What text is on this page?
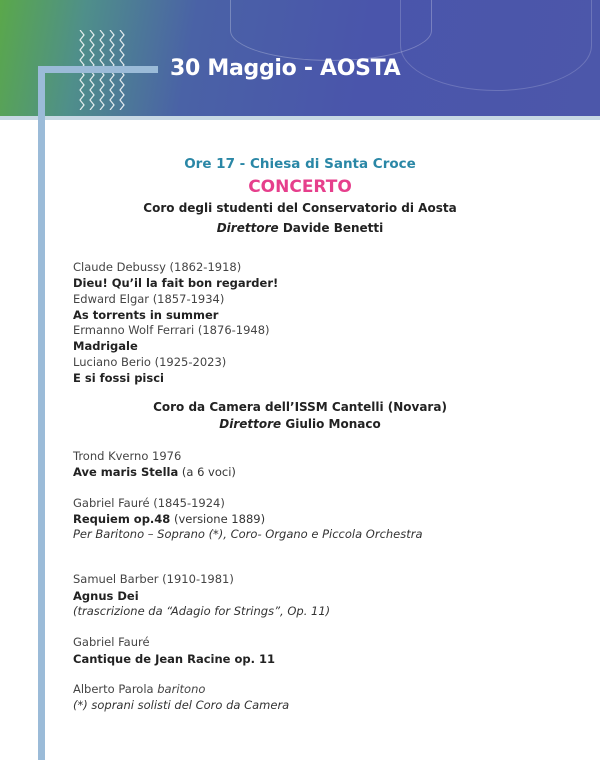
30 Maggio - AOSTA
Ore 17 - Chiesa di Santa Croce
CONCERTO
Coro degli studenti del Conservatorio di Aosta
Direttore Davide Benetti
Claude Debussy (1862-1918)
Dieu! Qu’il la fait bon regarder!
Edward Elgar (1857-1934)
As torrents in summer
Ermanno Wolf Ferrari (1876-1948)
Madrigale
Luciano Berio (1925-2023)
E si fossi pisci
Coro da Camera dell’ISSM Cantelli (Novara)
Direttore Giulio Monaco
Trond Kverno 1976
Ave maris Stella (a 6 voci)
Gabriel Fauré (1845-1924)
Requiem op.48 (versione 1889)
Per Baritono – Soprano (*), Coro- Organo e Piccola Orchestra
Samuel Barber (1910-1981)
Agnus Dei
(trascrizione da “Adagio for Strings”, Op. 11)
Gabriel Fauré
Cantique de Jean Racine op. 11
Alberto Parola baritono
(*) soprani solisti del Coro da Camera
